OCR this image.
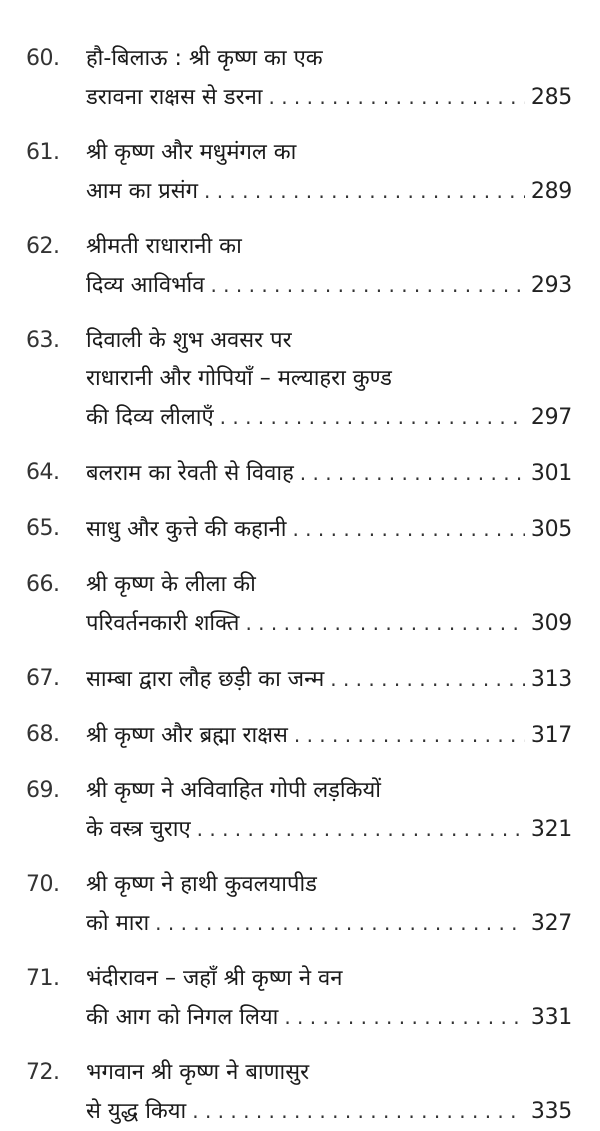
60.	हौ-बिलाऊ : श्री कृष्ण का एक
डरावना राक्षस से डरना . . .	285
61.	श्री कृष्ण और मधुमंगल का
आम का प्रसंग . . .	289
62.	श्रीमती राधारानी का
दिव्य आविर्भाव . . .	293
63.	दिवाली के शुभ अवसर पर
राधारानी और गोपियाँ – मल्याहरा कुण्ड
की दिव्य लीलाएँ . . .	297
64.	बलराम का रेवती से विवाह . . .	301
65.	साधु और कुत्ते की कहानी . . .	305
66.	श्री कृष्ण के लीला की
परिवर्तनकारी शक्ति . . .	309
67.	साम्बा द्वारा लौह छड़ी का जन्म . . .	313
68.	श्री कृष्ण और ब्रह्मा राक्षस . . .	317
69.	श्री कृष्ण ने अविवाहित गोपी लड़कियों
के वस्त्र चुराए . . .	321
70.	श्री कृष्ण ने हाथी कुवलयापीड
को मारा . . .	327
71.	भंदीरावन – जहाँ श्री कृष्ण ने वन
की आग को निगल लिया . . .	331
72.	भगवान श्री कृष्ण ने बाणासुर
से युद्ध किया . . .	335
